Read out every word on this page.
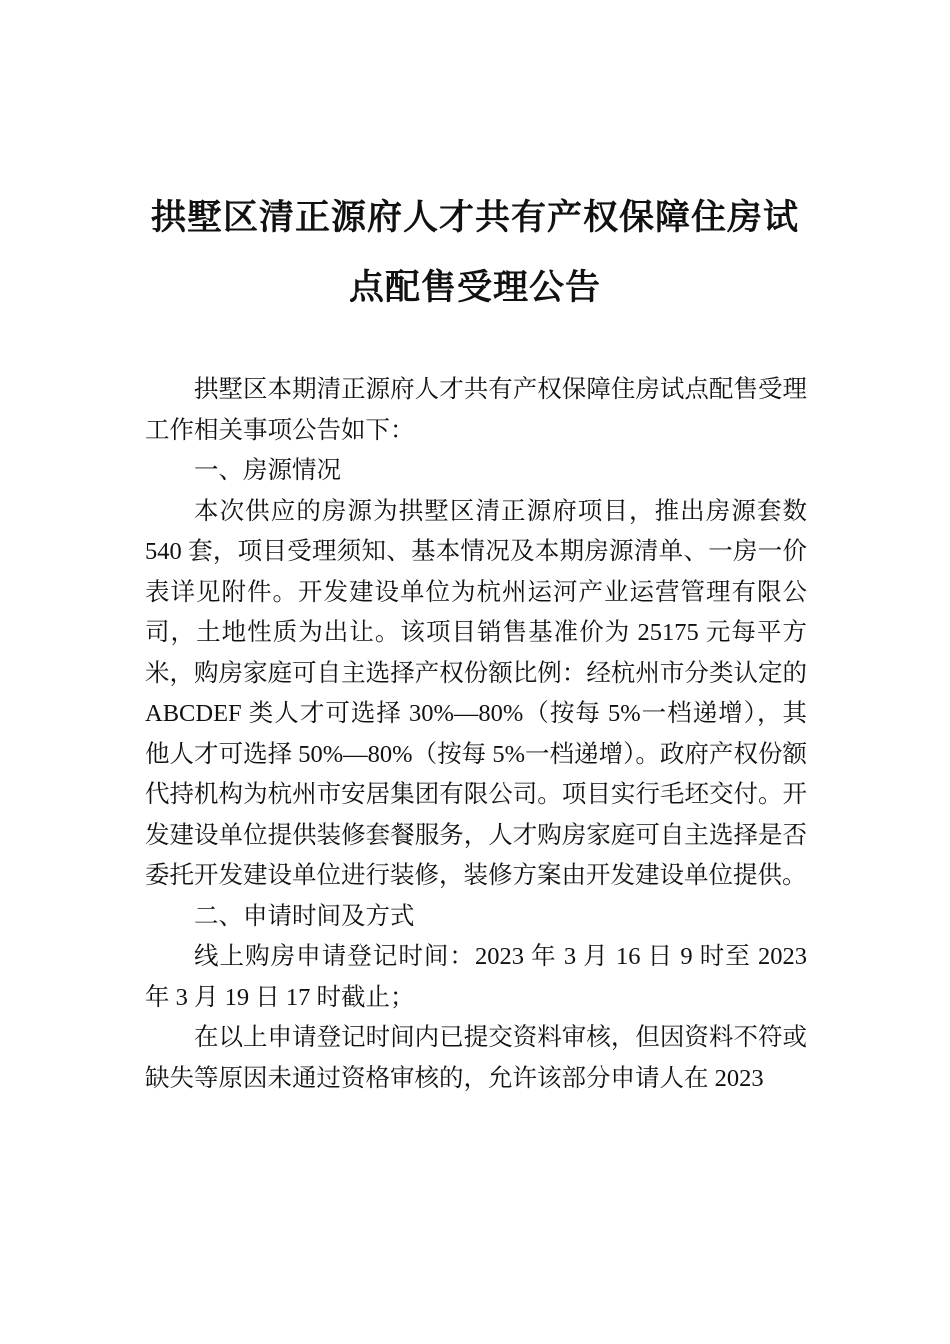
拱墅区清正源府人才共有产权保障住房试
点配售受理公告

拱墅区本期清正源府人才共有产权保障住房试点配售受理工作相关事项公告如下：

一、房源情况

本次供应的房源为拱墅区清正源府项目，推出房源套数 540 套，项目受理须知、基本情况及本期房源清单、一房一价表详见附件。开发建设单位为杭州运河产业运营管理有限公司，土地性质为出让。该项目销售基准价为 25175 元每平方米，购房家庭可自主选择产权份额比例：经杭州市分类认定的 ABCDEF 类人才可选择 30%—80%（按每 5%一档递增），其他人才可选择 50%—80%（按每 5%一档递增）。政府产权份额代持机构为杭州市安居集团有限公司。项目实行毛坯交付。开发建设单位提供装修套餐服务，人才购房家庭可自主选择是否委托开发建设单位进行装修，装修方案由开发建设单位提供。

二、申请时间及方式

线上购房申请登记时间：2023 年 3 月 16 日 9 时至 2023 年 3 月 19 日 17 时截止；

在以上申请登记时间内已提交资料审核，但因资料不符或缺失等原因未通过资格审核的，允许该部分申请人在 2023
